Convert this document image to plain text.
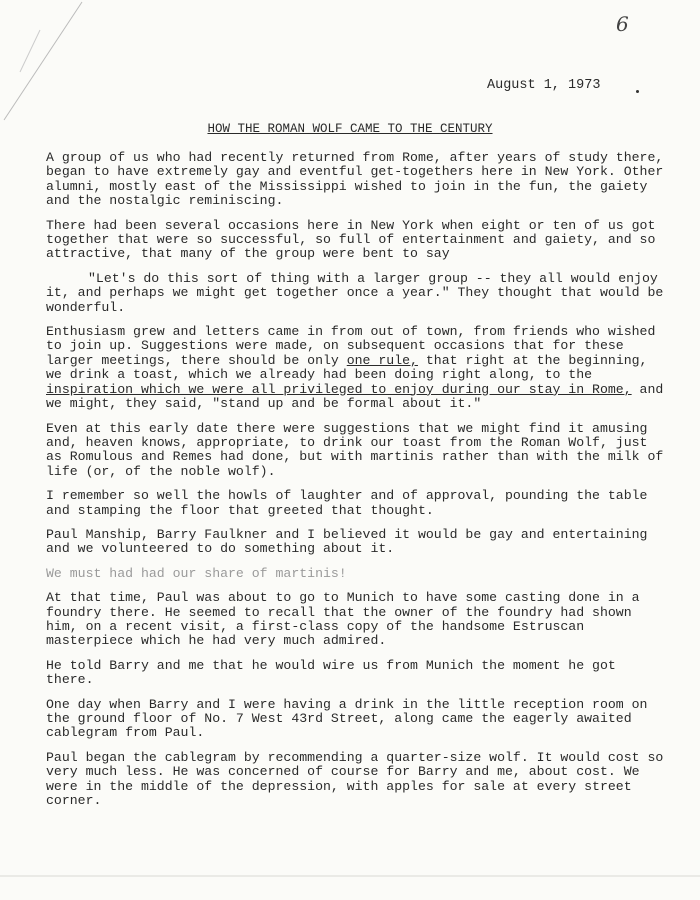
6
August 1, 1973
HOW THE ROMAN WOLF CAME TO THE CENTURY

A group of us who had recently returned from Rome, after years of study there, began to have extremely gay and eventful get-togethers here in New York. Other alumni, mostly east of the Mississippi wished to join in the fun, the gaiety and the nostalgic reminiscing.

There had been several occasions here in New York when eight or ten of us got together that were so successful, so full of entertainment and gaiety, and so attractive, that many of the group were bent to say

"Let's do this sort of thing with a larger group -- they all would enjoy it, and perhaps we might get together once a year." They thought that would be wonderful.

Enthusiasm grew and letters came in from out of town, from friends who wished to join up. Suggestions were made, on subsequent occasions that for these larger meetings, there should be only one rule, that right at the beginning, we drink a toast, which we already had been doing right along, to the inspiration which we were all privileged to enjoy during our stay in Rome, and we might, they said, "stand up and be formal about it."

Even at this early date there were suggestions that we might find it amusing and, heaven knows, appropriate, to drink our toast from the Roman Wolf, just as Romulous and Remes had done, but with martinis rather than with the milk of life (or, of the noble wolf).

I remember so well the howls of laughter and of approval, pounding the table and stamping the floor that greeted that thought.

Paul Manship, Barry Faulkner and I believed it would be gay and entertaining and we volunteered to do something about it.

We must had had our share of martinis!

At that time, Paul was about to go to Munich to have some casting done in a foundry there. He seemed to recall that the owner of the foundry had shown him, on a recent visit, a first-class copy of the handsome Estruscan masterpiece which he had very much admired.

He told Barry and me that he would wire us from Munich the moment he got there.

One day when Barry and I were having a drink in the little reception room on the ground floor of No. 7 West 43rd Street, along came the eagerly awaited cablegram from Paul.

Paul began the cablegram by recommending a quarter-size wolf. It would cost so very much less. He was concerned of course for Barry and me, about cost. We were in the middle of the depression, with apples for sale at every street corner.
